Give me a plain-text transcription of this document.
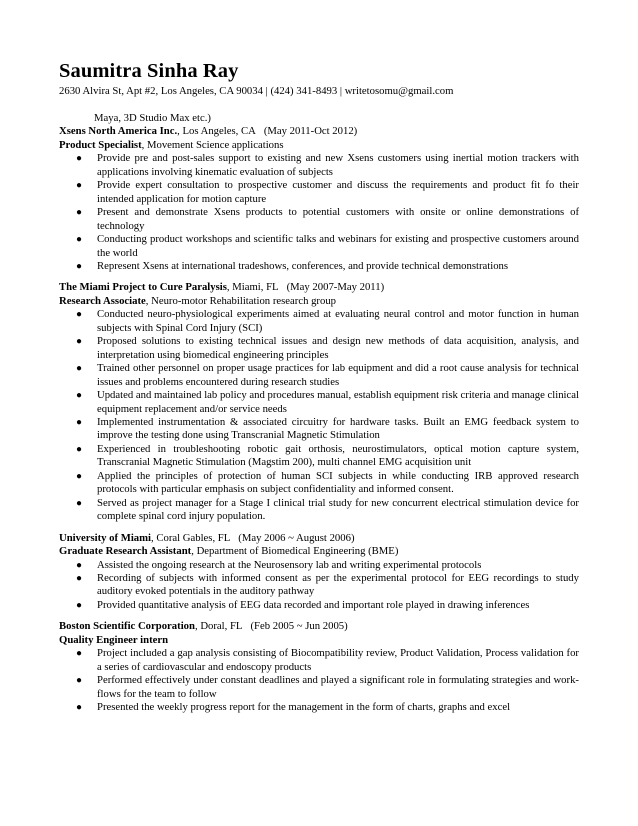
Saumitra Sinha Ray
2630 Alvira St, Apt #2, Los Angeles, CA 90034 | (424) 341-8493 | writetosomu@gmail.com
Maya, 3D Studio Max etc.)
Xsens North America Inc., Los Angeles, CA (May 2011-Oct 2012)
Product Specialist, Movement Science applications
● Provide pre and post-sales support to existing and new Xsens customers using inertial motion trackers with applications involving kinematic evaluation of subjects
● Provide expert consultation to prospective customer and discuss the requirements and product fit fo their intended application for motion capture
● Present and demonstrate Xsens products to potential customers with onsite or online demonstrations of technology
● Conducting product workshops and scientific talks and webinars for existing and prospective customers around the world
● Represent Xsens at international tradeshows, conferences, and provide technical demonstrations
The Miami Project to Cure Paralysis, Miami, FL (May 2007-May 2011)
Research Associate, Neuro-motor Rehabilitation research group
● Conducted neuro-physiological experiments aimed at evaluating neural control and motor function in human subjects with Spinal Cord Injury (SCI)
● Proposed solutions to existing technical issues and design new methods of data acquisition, analysis, and interpretation using biomedical engineering principles
● Trained other personnel on proper usage practices for lab equipment and did a root cause analysis for technical issues and problems encountered during research studies
● Updated and maintained lab policy and procedures manual, establish equipment risk criteria and manage clinical equipment replacement and/or service needs
● Implemented instrumentation & associated circuitry for hardware tasks. Built an EMG feedback system to improve the testing done using Transcranial Magnetic Stimulation
● Experienced in troubleshooting robotic gait orthosis, neurostimulators, optical motion capture system, Transcranial Magnetic Stimulation (Magstim 200), multi channel EMG acquisition unit
● Applied the principles of protection of human SCI subjects in while conducting IRB approved research protocols with particular emphasis on subject confidentiality and informed consent.
● Served as project manager for a Stage I clinical trial study for new concurrent electrical stimulation device for complete spinal cord injury population.
University of Miami, Coral Gables, FL (May 2006 ~ August 2006)
Graduate Research Assistant, Department of Biomedical Engineering (BME)
● Assisted the ongoing research at the Neurosensory lab and writing experimental protocols
● Recording of subjects with informed consent as per the experimental protocol for EEG recordings to study auditory evoked potentials in the auditory pathway
● Provided quantitative analysis of EEG data recorded and important role played in drawing inferences
Boston Scientific Corporation, Doral, FL (Feb 2005 ~ Jun 2005)
Quality Engineer intern
● Project included a gap analysis consisting of Biocompatibility review, Product Validation, Process validation for a series of cardiovascular and endoscopy products
● Performed effectively under constant deadlines and played a significant role in formulating strategies and work-flows for the team to follow
● Presented the weekly progress report for the management in the form of charts, graphs and excel
